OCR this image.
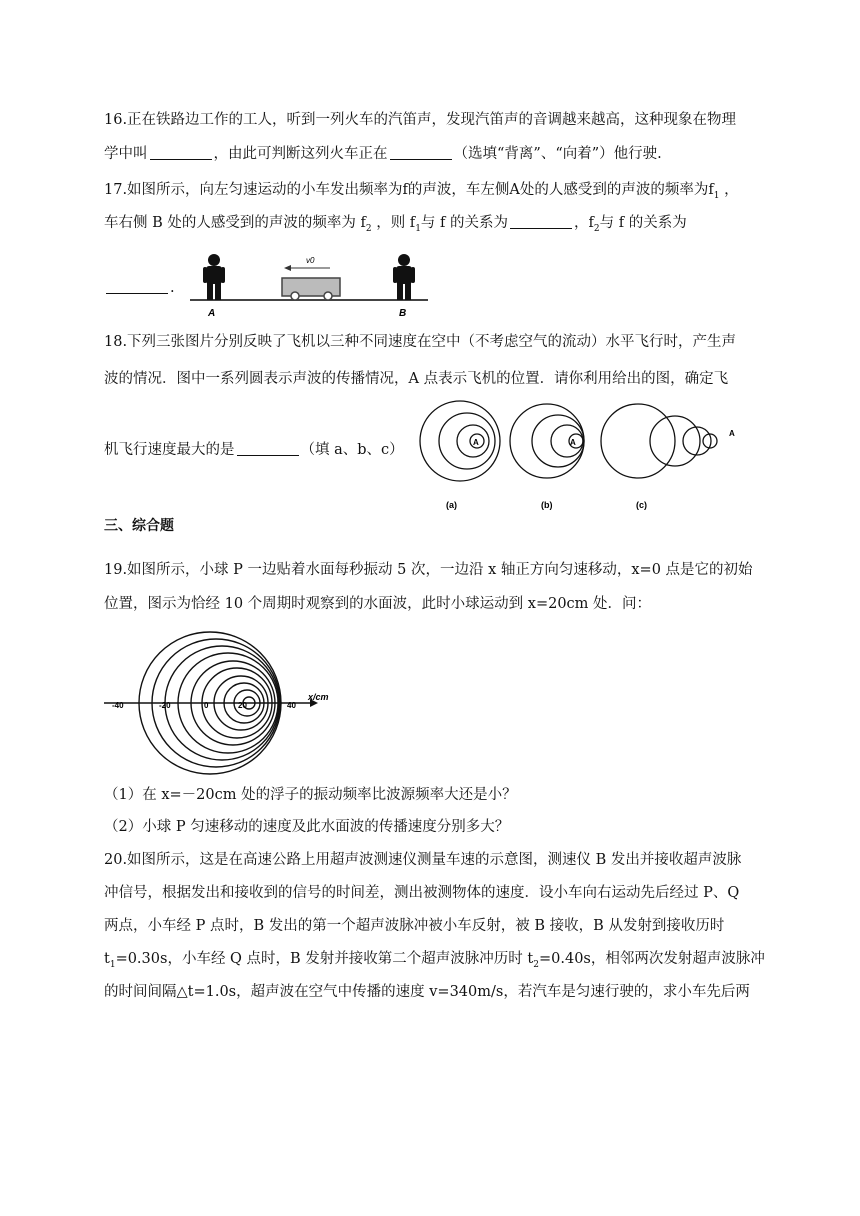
16.正在铁路边工作的工人，听到一列火车的汽笛声，发现汽笛声的音调越来越高，这种现象在物理
学中叫	，由此可判断这列火车正在	（选填“背离”、“向着”）他行驶.
17.如图所示，向左匀速运动的小车发出频率为f的声波，车左侧A处的人感受到的声波的频率为$f_1$ ，
车右侧 B 处的人感受到的声波的频率为 $f_2$ ，则 $f_1$与 f 的关系为	，$f_2$与 f 的关系为
.
A
v0
B
18.下列三张图片分别反映了飞机以三种不同速度在空中（不考虑空气的流动）水平飞行时，产生声
波的情况．图中一系列圆表示声波的传播情况，A 点表示飞机的位置．请你利用给出的图，确定飞
机飞行速度最大的是	（填 a、b、c）	A
(a)
A
(b)
A
(c)
三、综合题
19.如图所示，小球 P 一边贴着水面每秒振动 5 次，一边沿 x 轴正方向匀速移动，x=0 点是它的初始
位置，图示为恰经 10 个周期时观察到的水面波，此时小球运动到 x=20cm 处．问：
-40	-20	0	20	40
x/cm
（1）在 x=－20cm 处的浮子的振动频率比波源频率大还是小？
（2）小球 P 匀速移动的速度及此水面波的传播速度分别多大？
20.如图所示，这是在高速公路上用超声波测速仪测量车速的示意图，测速仪 B 发出并接收超声波脉
冲信号，根据发出和接收到的信号的时间差，测出被测物体的速度．设小车向右运动先后经过 P、Q
两点，小车经 P 点时，B 发出的第一个超声波脉冲被小车反射，被 B 接收，B 从发射到接收历时
$t_1=0.30s$，小车经 Q 点时，B 发射并接收第二个超声波脉冲历时 $t_2=0.40s$，相邻两次发射超声波脉冲
的时间间隔△t=1.0s，超声波在空气中传播的速度 v=340m/s，若汽车是匀速行驶的，求小车先后两
